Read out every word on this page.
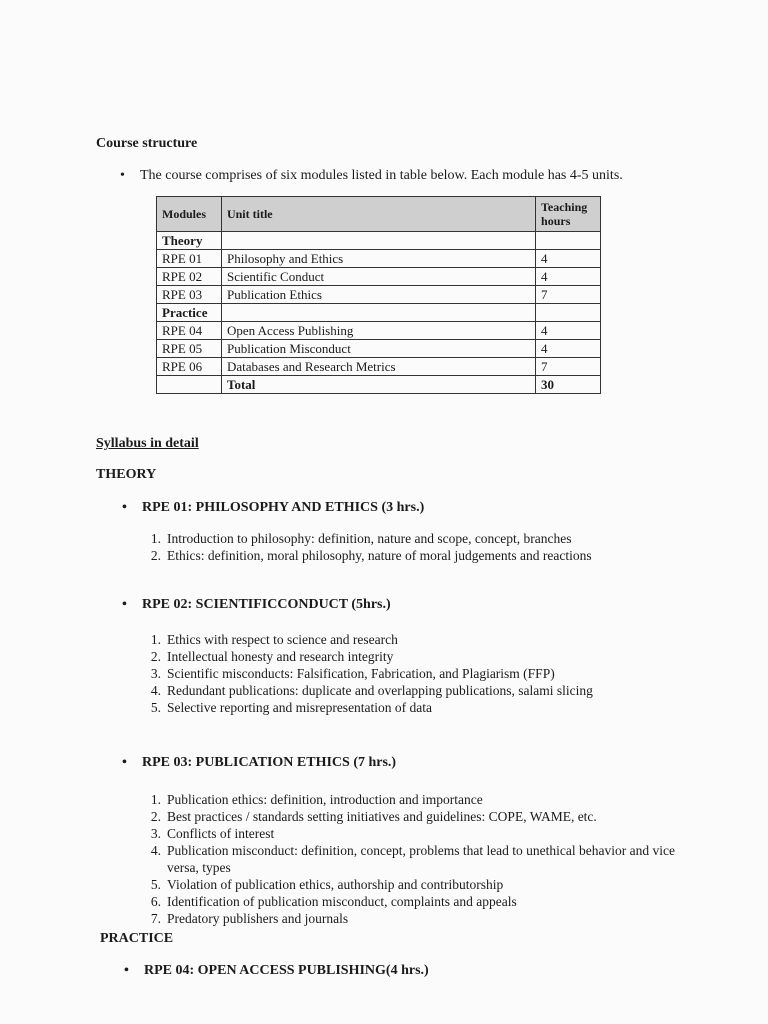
Course structure
• The course comprises of six modules listed in table below. Each module has 4-5 units.
Modules	Unit title	Teaching hours
Theory		
RPE 01	Philosophy and Ethics	4
RPE 02	Scientific Conduct	4
RPE 03	Publication Ethics	7
Practice		
RPE 04	Open Access Publishing	4
RPE 05	Publication Misconduct	4
RPE 06	Databases and Research Metrics	7
	Total	30
Syllabus in detail
THEORY
• RPE 01: PHILOSOPHY AND ETHICS (3 hrs.)
1. Introduction to philosophy: definition, nature and scope, concept, branches
2. Ethics: definition, moral philosophy, nature of moral judgements and reactions
• RPE 02: SCIENTIFICCONDUCT (5hrs.)
1. Ethics with respect to science and research
2. Intellectual honesty and research integrity
3. Scientific misconducts: Falsification, Fabrication, and Plagiarism (FFP)
4. Redundant publications: duplicate and overlapping publications, salami slicing
5. Selective reporting and misrepresentation of data
• RPE 03: PUBLICATION ETHICS (7 hrs.)
1. Publication ethics: definition, introduction and importance
2. Best practices / standards setting initiatives and guidelines: COPE, WAME, etc.
3. Conflicts of interest
4. Publication misconduct: definition, concept, problems that lead to unethical behavior and vice versa, types
5. Violation of publication ethics, authorship and contributorship
6. Identification of publication misconduct, complaints and appeals
7. Predatory publishers and journals
PRACTICE
• RPE 04: OPEN ACCESS PUBLISHING(4 hrs.)
